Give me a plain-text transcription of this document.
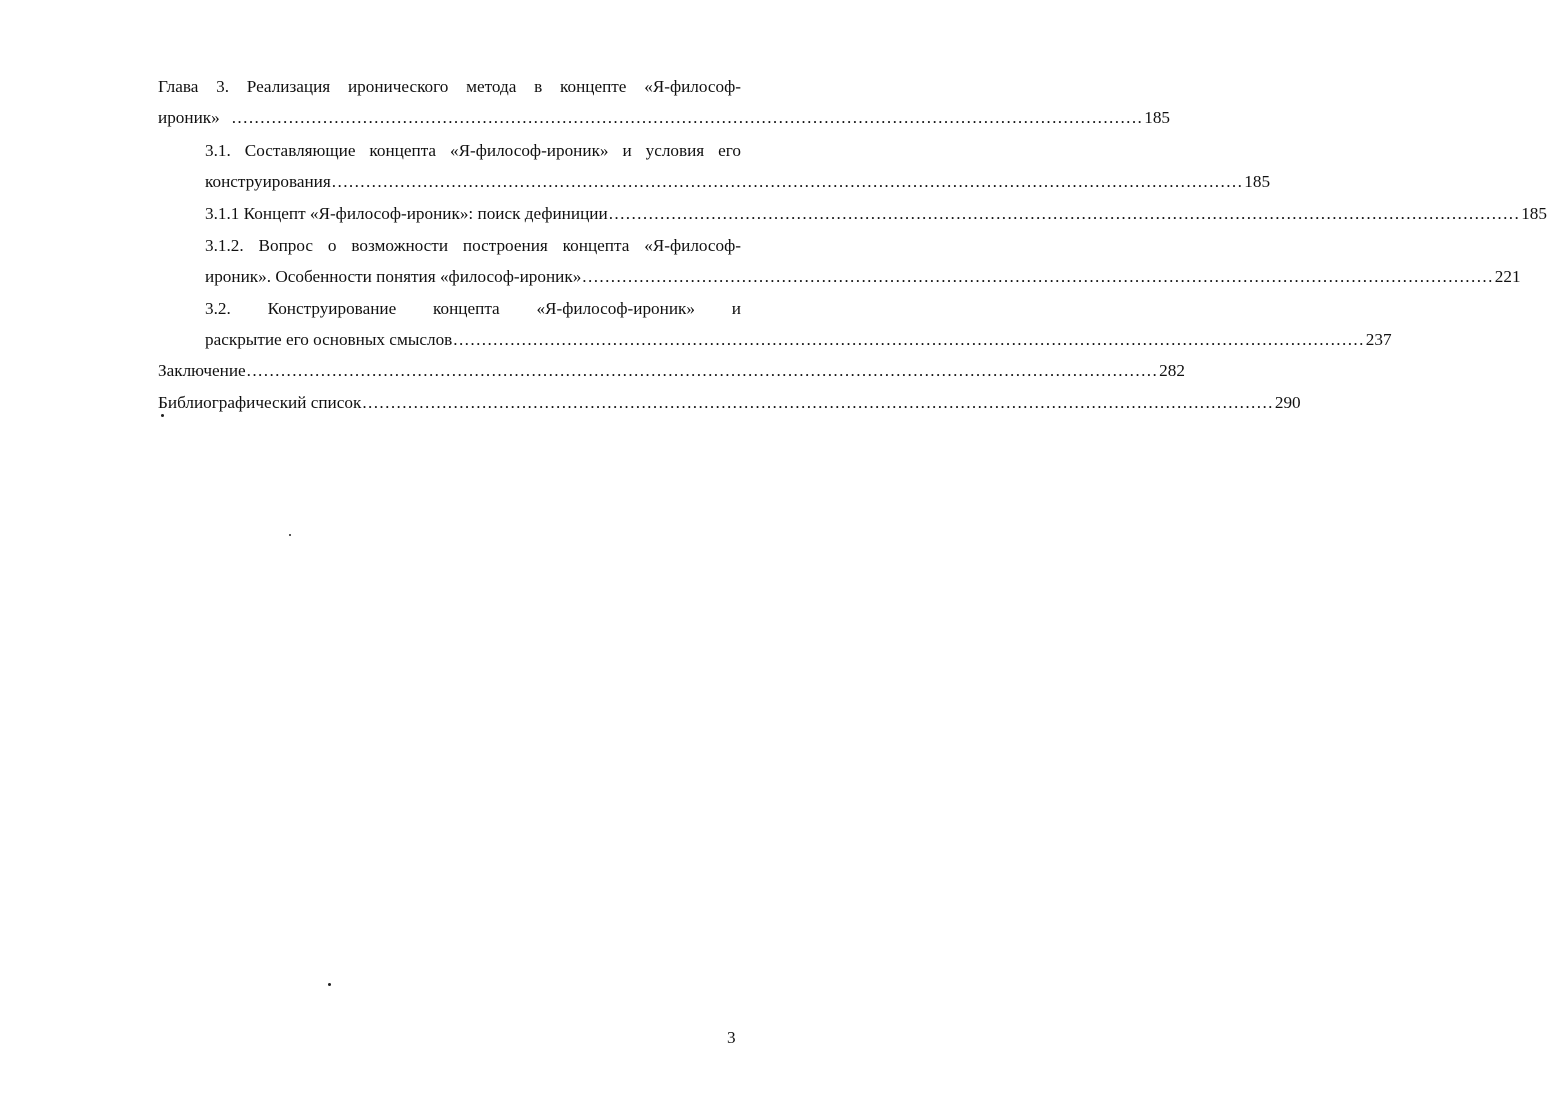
Глава 3. Реализация иронического метода в концепте «Я-философ-
ироник» ................................................................................................................................................................ 185
3.1. Составляющие концепта «Я-философ-ироник» и условия его
конструирования ................................................................................................................................................................ 185
3.1.1 Концепт «Я-философ-ироник»: поиск дефиниции ................................................................................................................................................................ 185
3.1.2. Вопрос о возможности построения концепта «Я-философ-
ироник». Особенности понятия «философ-ироник» ................................................................................................................................................................ 221
3.2. Конструирование концепта «Я-философ-ироник» и
раскрытие его основных смыслов ................................................................................................................................................................ 237
Заключение ................................................................................................................................................................ 282
Библиографический список ................................................................................................................................................................ 290
3
